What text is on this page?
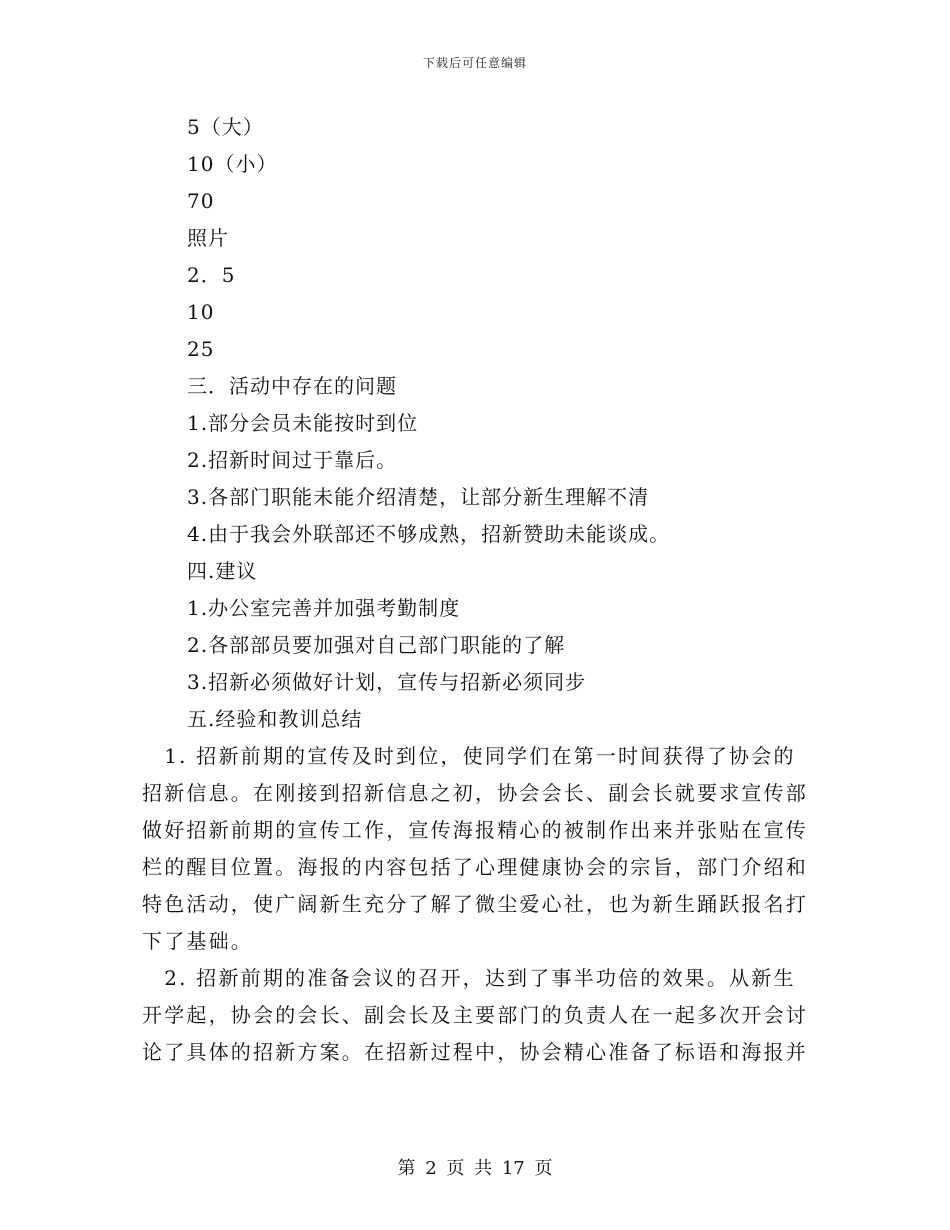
下载后可任意编辑
5（大）
10（小）
70
照片
2．5
10
25
三．活动中存在的问题
1.部分会员未能按时到位
2.招新时间过于靠后。
3.各部门职能未能介绍清楚，让部分新生理解不清
4.由于我会外联部还不够成熟，招新赞助未能谈成。
四.建议
1.办公室完善并加强考勤制度
2.各部部员要加强对自己部门职能的了解
3.招新必须做好计划，宣传与招新必须同步
五.经验和教训总结
　1. 招新前期的宣传及时到位，使同学们在第一时间获得了协会的
招新信息。在刚接到招新信息之初，协会会长、副会长就要求宣传部
做好招新前期的宣传工作，宣传海报精心的被制作出来并张贴在宣传
栏的醒目位置。海报的内容包括了心理健康协会的宗旨，部门介绍和
特色活动，使广阔新生充分了解了微尘爱心社，也为新生踊跃报名打
下了基础。
　2. 招新前期的准备会议的召开，达到了事半功倍的效果。从新生
开学起，协会的会长、副会长及主要部门的负责人在一起多次开会讨
论了具体的招新方案。在招新过程中，协会精心准备了标语和海报并
第 2 页 共 17 页
